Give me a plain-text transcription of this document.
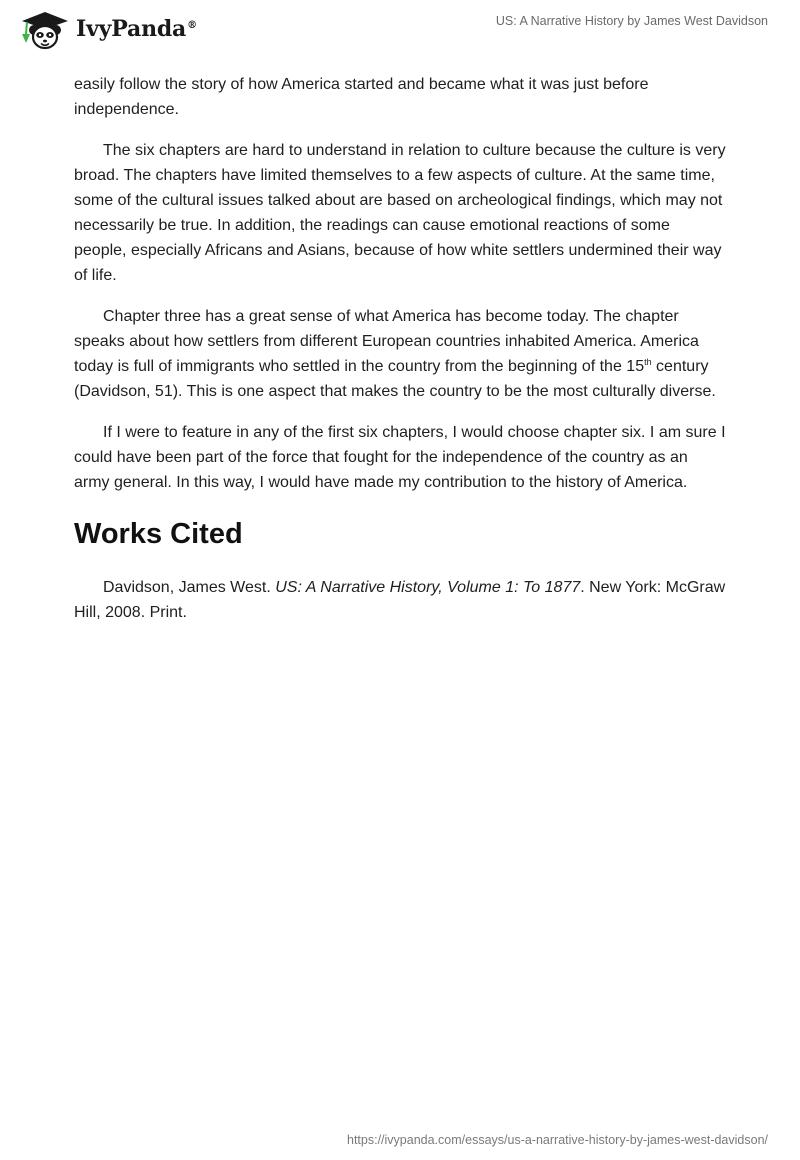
IvyPanda®	US: A Narrative History by James West Davidson

easily follow the story of how America started and became what it was just before independence.

The six chapters are hard to understand in relation to culture because the culture is very broad. The chapters have limited themselves to a few aspects of culture. At the same time, some of the cultural issues talked about are based on archeological findings, which may not necessarily be true. In addition, the readings can cause emotional reactions of some people, especially Africans and Asians, because of how white settlers undermined their way of life.

Chapter three has a great sense of what America has become today. The chapter speaks about how settlers from different European countries inhabited America. America today is full of immigrants who settled in the country from the beginning of the 15th century (Davidson, 51). This is one aspect that makes the country to be the most culturally diverse.

If I were to feature in any of the first six chapters, I would choose chapter six. I am sure I could have been part of the force that fought for the independence of the country as an army general. In this way, I would have made my contribution to the history of America.

Works Cited

Davidson, James West. US: A Narrative History, Volume 1: To 1877. New York: McGraw Hill, 2008. Print.

https://ivypanda.com/essays/us-a-narrative-history-by-james-west-davidson/
